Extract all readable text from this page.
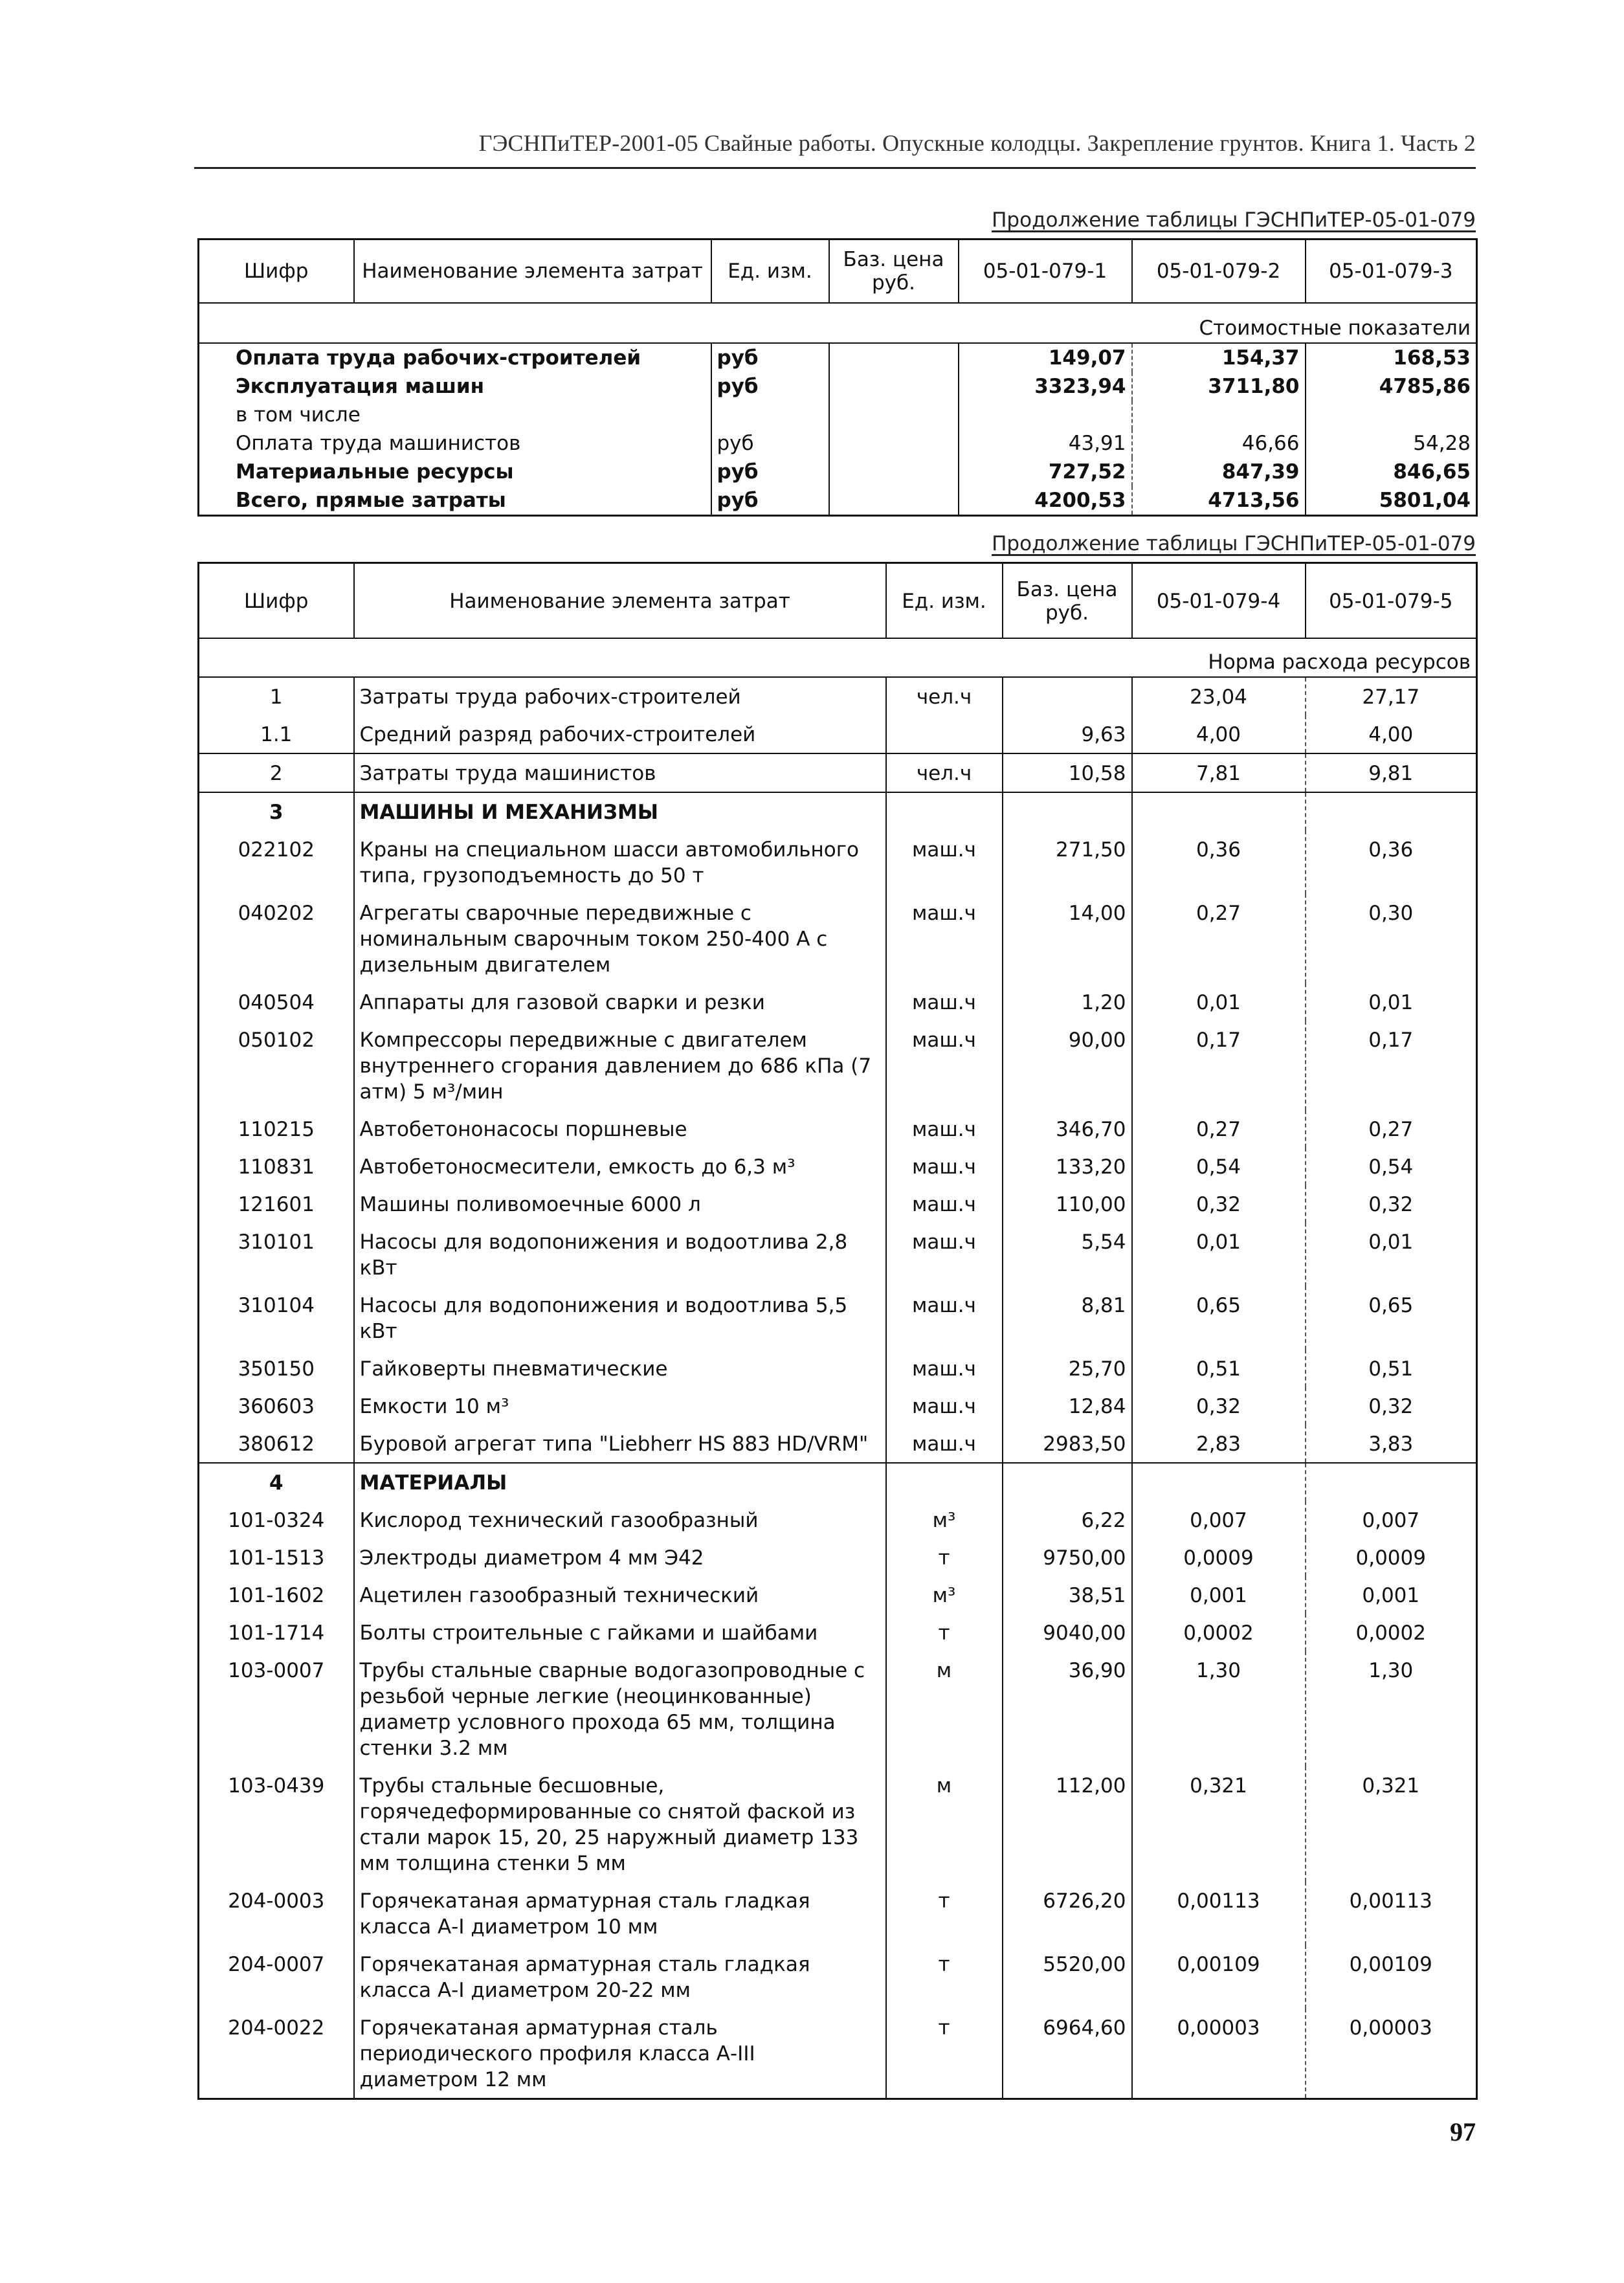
ГЭСНПиТЕР-2001-05 Свайные работы. Опускные колодцы. Закрепление грунтов. Книга 1. Часть 2
Продолжение таблицы ГЭСНПиТЕР-05-01-079
Шифр	Наименование элемента затрат	Ед. изм.	Баз. цена руб.	05-01-079-1	05-01-079-2	05-01-079-3
Стоимостные показатели						
Оплата труда рабочих-строителей		руб		149,07	154,37	168,53
Эксплуатация машин		руб		3323,94	3711,80	4785,86
в том числе						
Оплата труда машинистов		руб		43,91	46,66	54,28
Материальные ресурсы		руб		727,52	847,39	846,65
Всего, прямые затраты		руб		4200,53	4713,56	5801,04
Продолжение таблицы ГЭСНПиТЕР-05-01-079
Шифр	Наименование элемента затрат	Ед. изм.	Баз. цена руб.	05-01-079-4	05-01-079-5
Норма расхода ресурсов					
1	Затраты труда рабочих-строителей	чел.ч		23,04	27,17
1.1	Средний разряд рабочих-строителей		9,63	4,00	4,00
2	Затраты труда машинистов	чел.ч	10,58	7,81	9,81
3	МАШИНЫ И МЕХАНИЗМЫ				
022102	Краны на специальном шасси автомобильного типа, грузоподъемность до 50 т	маш.ч	271,50	0,36	0,36
040202	Агрегаты сварочные передвижные с номинальным сварочным током 250-400 А с дизельным двигателем	маш.ч	14,00	0,27	0,30
040504	Аппараты для газовой сварки и резки	маш.ч	1,20	0,01	0,01
050102	Компрессоры передвижные с двигателем внутреннего сгорания давлением до 686 кПа (7 атм) 5 м³/мин	маш.ч	90,00	0,17	0,17
110215	Автобетононасосы поршневые	маш.ч	346,70	0,27	0,27
110831	Автобетоносмесители, емкость до 6,3 м³	маш.ч	133,20	0,54	0,54
121601	Машины поливомоечные 6000 л	маш.ч	110,00	0,32	0,32
310101	Насосы для водопонижения и водоотлива 2,8 кВт	маш.ч	5,54	0,01	0,01
310104	Насосы для водопонижения и водоотлива 5,5 кВт	маш.ч	8,81	0,65	0,65
350150	Гайковерты пневматические	маш.ч	25,70	0,51	0,51
360603	Емкости 10 м³	маш.ч	12,84	0,32	0,32
380612	Буровой агрегат типа "Liebherr HS 883 HD/VRM"	маш.ч	2983,50	2,83	3,83
4	МАТЕРИАЛЫ				
101-0324	Кислород технический газообразный	м³	6,22	0,007	0,007
101-1513	Электроды диаметром 4 мм Э42	т	9750,00	0,0009	0,0009
101-1602	Ацетилен газообразный технический	м³	38,51	0,001	0,001
101-1714	Болты строительные с гайками и шайбами	т	9040,00	0,0002	0,0002
103-0007	Трубы стальные сварные водогазопроводные с резьбой черные легкие (неоцинкованные) диаметр условного прохода 65 мм, толщина стенки 3.2 мм	м	36,90	1,30	1,30
103-0439	Трубы стальные бесшовные, горячедеформированные со снятой фаской из стали марок 15, 20, 25 наружный диаметр 133 мм толщина стенки 5 мм	м	112,00	0,321	0,321
204-0003	Горячекатаная арматурная сталь гладкая класса А-I диаметром 10 мм	т	6726,20	0,00113	0,00113
204-0007	Горячекатаная арматурная сталь гладкая класса А-I диаметром 20-22 мм	т	5520,00	0,00109	0,00109
204-0022	Горячекатаная арматурная сталь периодического профиля класса А-III диаметром 12 мм	т	6964,60	0,00003	0,00003
97
